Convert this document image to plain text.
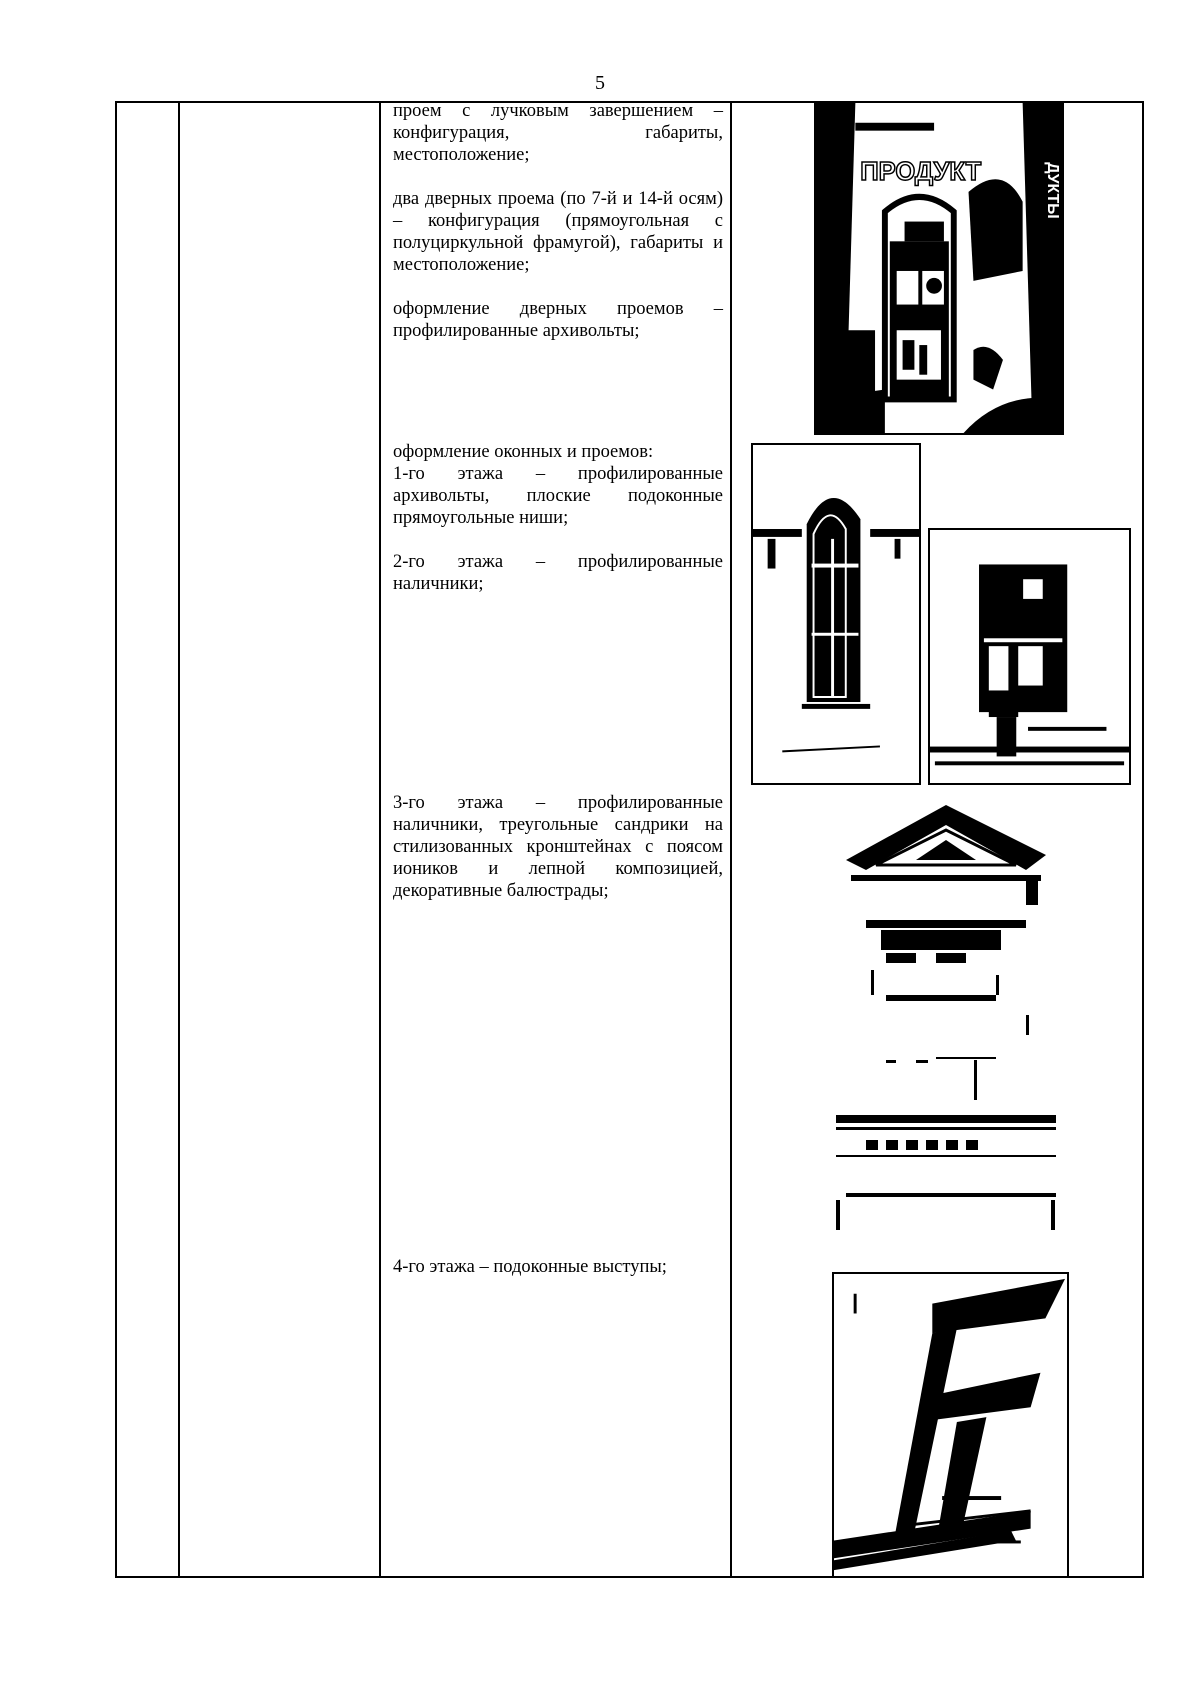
5

проем с лучковым завершением – конфигурация, габариты, местоположение;

два дверных проема (по 7-й и 14-й осям) – конфигурация (прямоугольная с полуциркульной фрамугой), габариты и местоположение;

оформление дверных проемов – профилированные архивольты;

оформление оконных и проемов:

1-го этажа – профилированные архивольты, плоские подоконные прямоугольные ниши;

2-го этажа – профилированные наличники;

3-го этажа – профилированные наличники, треугольные сандрики на стилизованных кронштейнах с поясом иоников и лепной композицией, декоративные балюстрады;

4-го этажа – подоконные выступы;

ПРОДУКТ	ДУКТЫ
